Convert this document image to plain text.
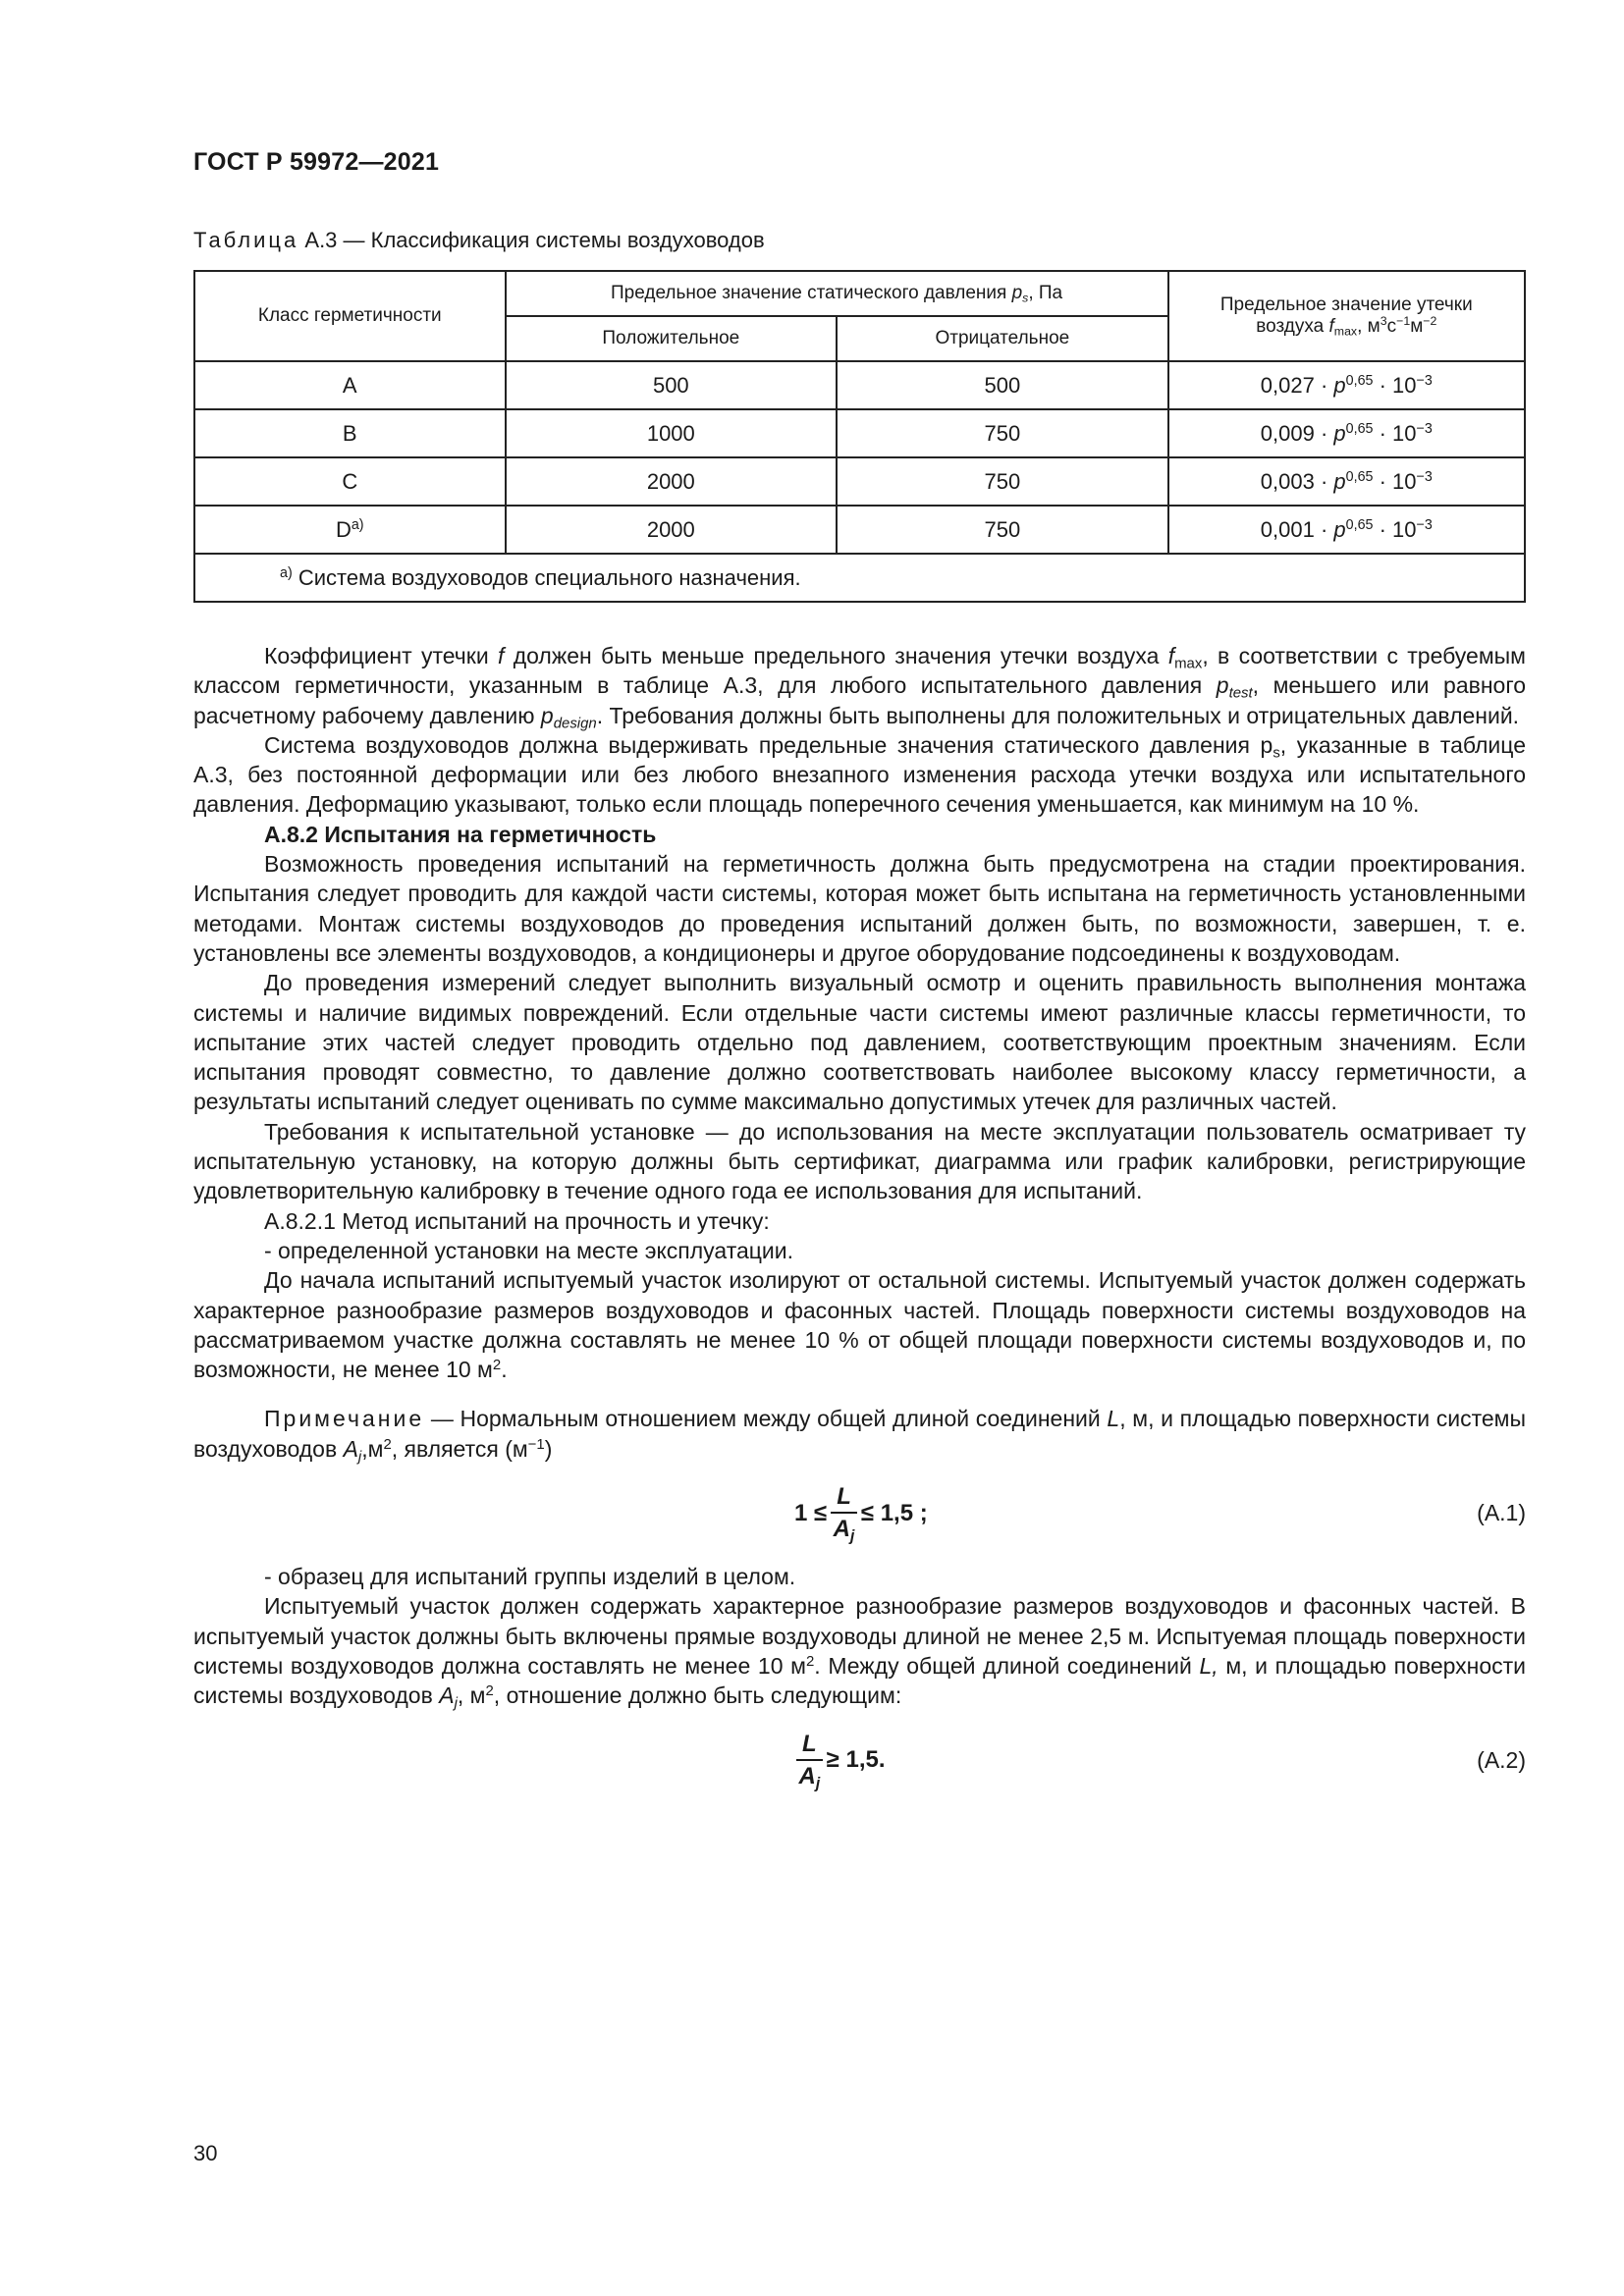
ГОСТ Р 59972—2021
Таблица А.3 — Классификация системы воздуховодов
Класс герметичности	Предельное значение статического давления $p_s$, Па		Предельное значение утечки
воздуха $f_{max}$, $м^3с^{-1}м^{-2}$
	Положительное	Отрицательное	
A	500	500	$0,027 \cdot p^{0,65} \cdot 10^{-3}$
B	1000	750	$0,009 \cdot p^{0,65} \cdot 10^{-3}$
C	2000	750	$0,003 \cdot p^{0,65} \cdot 10^{-3}$
$D^{а)}$	2000	750	$0,001 \cdot p^{0,65} \cdot 10^{-3}$
$^{а)}$ Система воздуховодов специального назначения.			

Коэффициент утечки f должен быть меньше предельного значения утечки воздуха $f_{max}$, в соответствии с требуемым классом герметичности, указанным в таблице А.3, для любого испытательного давления $p_{test}$, меньшего или равного расчетному рабочему давлению $p_{design}$. Требования должны быть выполнены для положительных и отрицательных давлений.

Система воздуховодов должна выдерживать предельные значения статического давления $p_s$, указанные в таблице А.3, без постоянной деформации или без любого внезапного изменения расхода утечки воздуха или испытательного давления. Деформацию указывают, только если площадь поперечного сечения уменьшается, как минимум на 10 %.

А.8.2 Испытания на герметичность

Возможность проведения испытаний на герметичность должна быть предусмотрена на стадии проектирования. Испытания следует проводить для каждой части системы, которая может быть испытана на герметичность установленными методами. Монтаж системы воздуховодов до проведения испытаний должен быть, по возможности, завершен, т. е. установлены все элементы воздуховодов, а кондиционеры и другое оборудование подсоединены к воздуховодам.

До проведения измерений следует выполнить визуальный осмотр и оценить правильность выполнения монтажа системы и наличие видимых повреждений. Если отдельные части системы имеют различные классы герметичности, то испытание этих частей следует проводить отдельно под давлением, соответствующим проектным значениям. Если испытания проводят совместно, то давление должно соответствовать наиболее высокому классу герметичности, а результаты испытаний следует оценивать по сумме максимально допустимых утечек для различных частей.

Требования к испытательной установке — до использования на месте эксплуатации пользователь осматривает ту испытательную установку, на которую должны быть сертификат, диаграмма или график калибровки, регистрирующие удовлетворительную калибровку в течение одного года ее использования для испытаний.

А.8.2.1 Метод испытаний на прочность и утечку:

- определенной установки на месте эксплуатации.

До начала испытаний испытуемый участок изолируют от остальной системы. Испытуемый участок должен содержать характерное разнообразие размеров воздуховодов и фасонных частей. Площадь поверхности системы воздуховодов на рассматриваемом участке должна составлять не менее 10 % от общей площади поверхности системы воздуховодов и, по возможности, не менее 10 $м^2$.

Примечание — Нормальным отношением между общей длиной соединений L, м, и площадью поверхности системы воздуховодов $A_j,м^2$, является $(м^{-1})$

$1 \le \frac{L}{A_j} \le 1,5$ ;	(А.1)

- образец для испытаний группы изделий в целом.

Испытуемый участок должен содержать характерное разнообразие размеров воздуховодов и фасонных частей. В испытуемый участок должны быть включены прямые воздуховоды длиной не менее 2,5 м. Испытуемая площадь поверхности системы воздуховодов должна составлять не менее 10 $м^2$. Между общей длиной соединений L, м, и площадью поверхности системы воздуховодов $A_j$, $м^2$, отношение должно быть следующим:

$\frac{L}{A_j} \ge 1,5$.	(А.2)
30
